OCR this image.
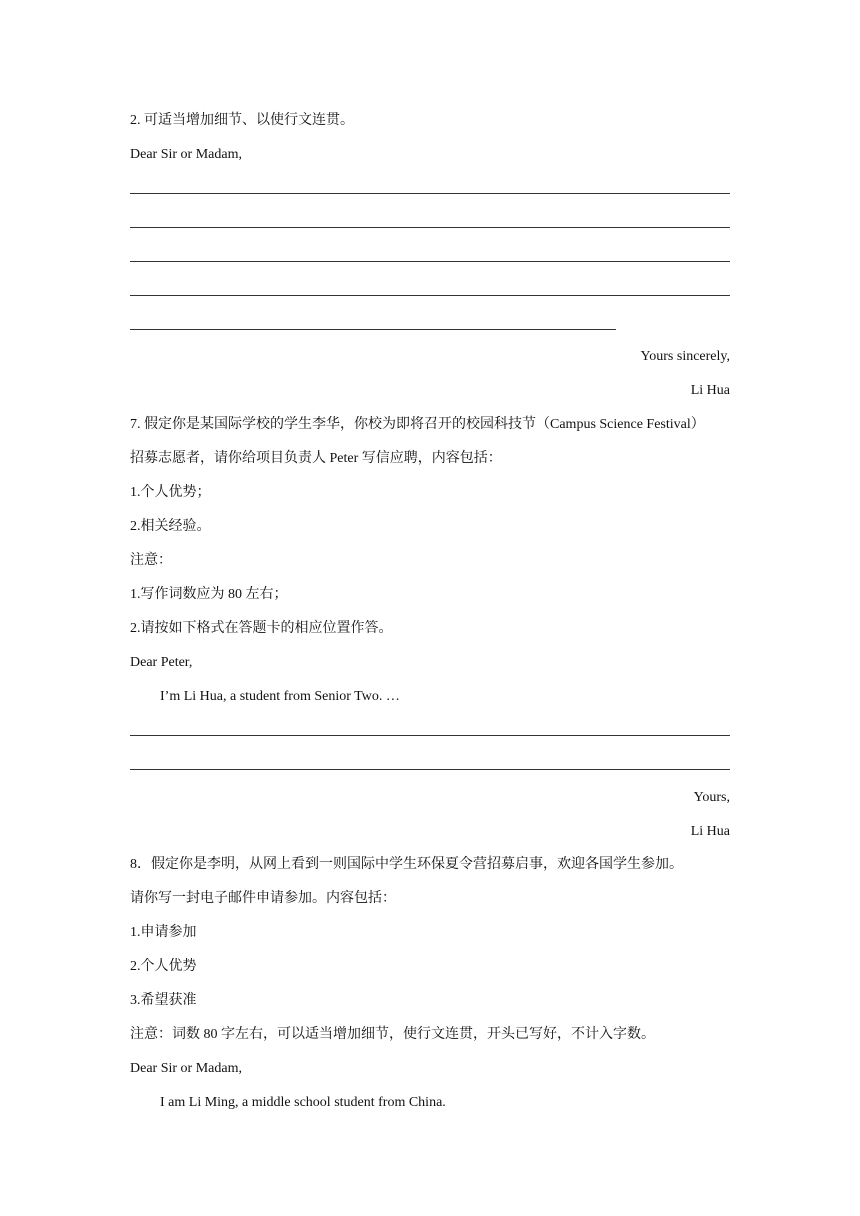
2. 可适当增加细节、以使行文连贯。
Dear Sir or Madam,
Yours sincerely,
Li Hua
7. 假定你是某国际学校的学生李华，你校为即将召开的校园科技节（Campus Science Festival）
招募志愿者，请你给项目负责人 Peter 写信应聘，内容包括：
1.个人优势；
2.相关经验。
注意：
1.写作词数应为 80 左右；
2.请按如下格式在答题卡的相应位置作答。
Dear Peter,
I’m Li Hua, a student from Senior Two. …
Yours,
Li Hua
8．假定你是李明，从网上看到一则国际中学生环保夏令营招募启事，欢迎各国学生参加。
请你写一封电子邮件申请参加。内容包括：
1.申请参加
2.个人优势
3.希望获准
注意：词数 80 字左右，可以适当增加细节，使行文连贯，开头已写好，不计入字数。
Dear Sir or Madam,
I am Li Ming, a middle school student from China.
